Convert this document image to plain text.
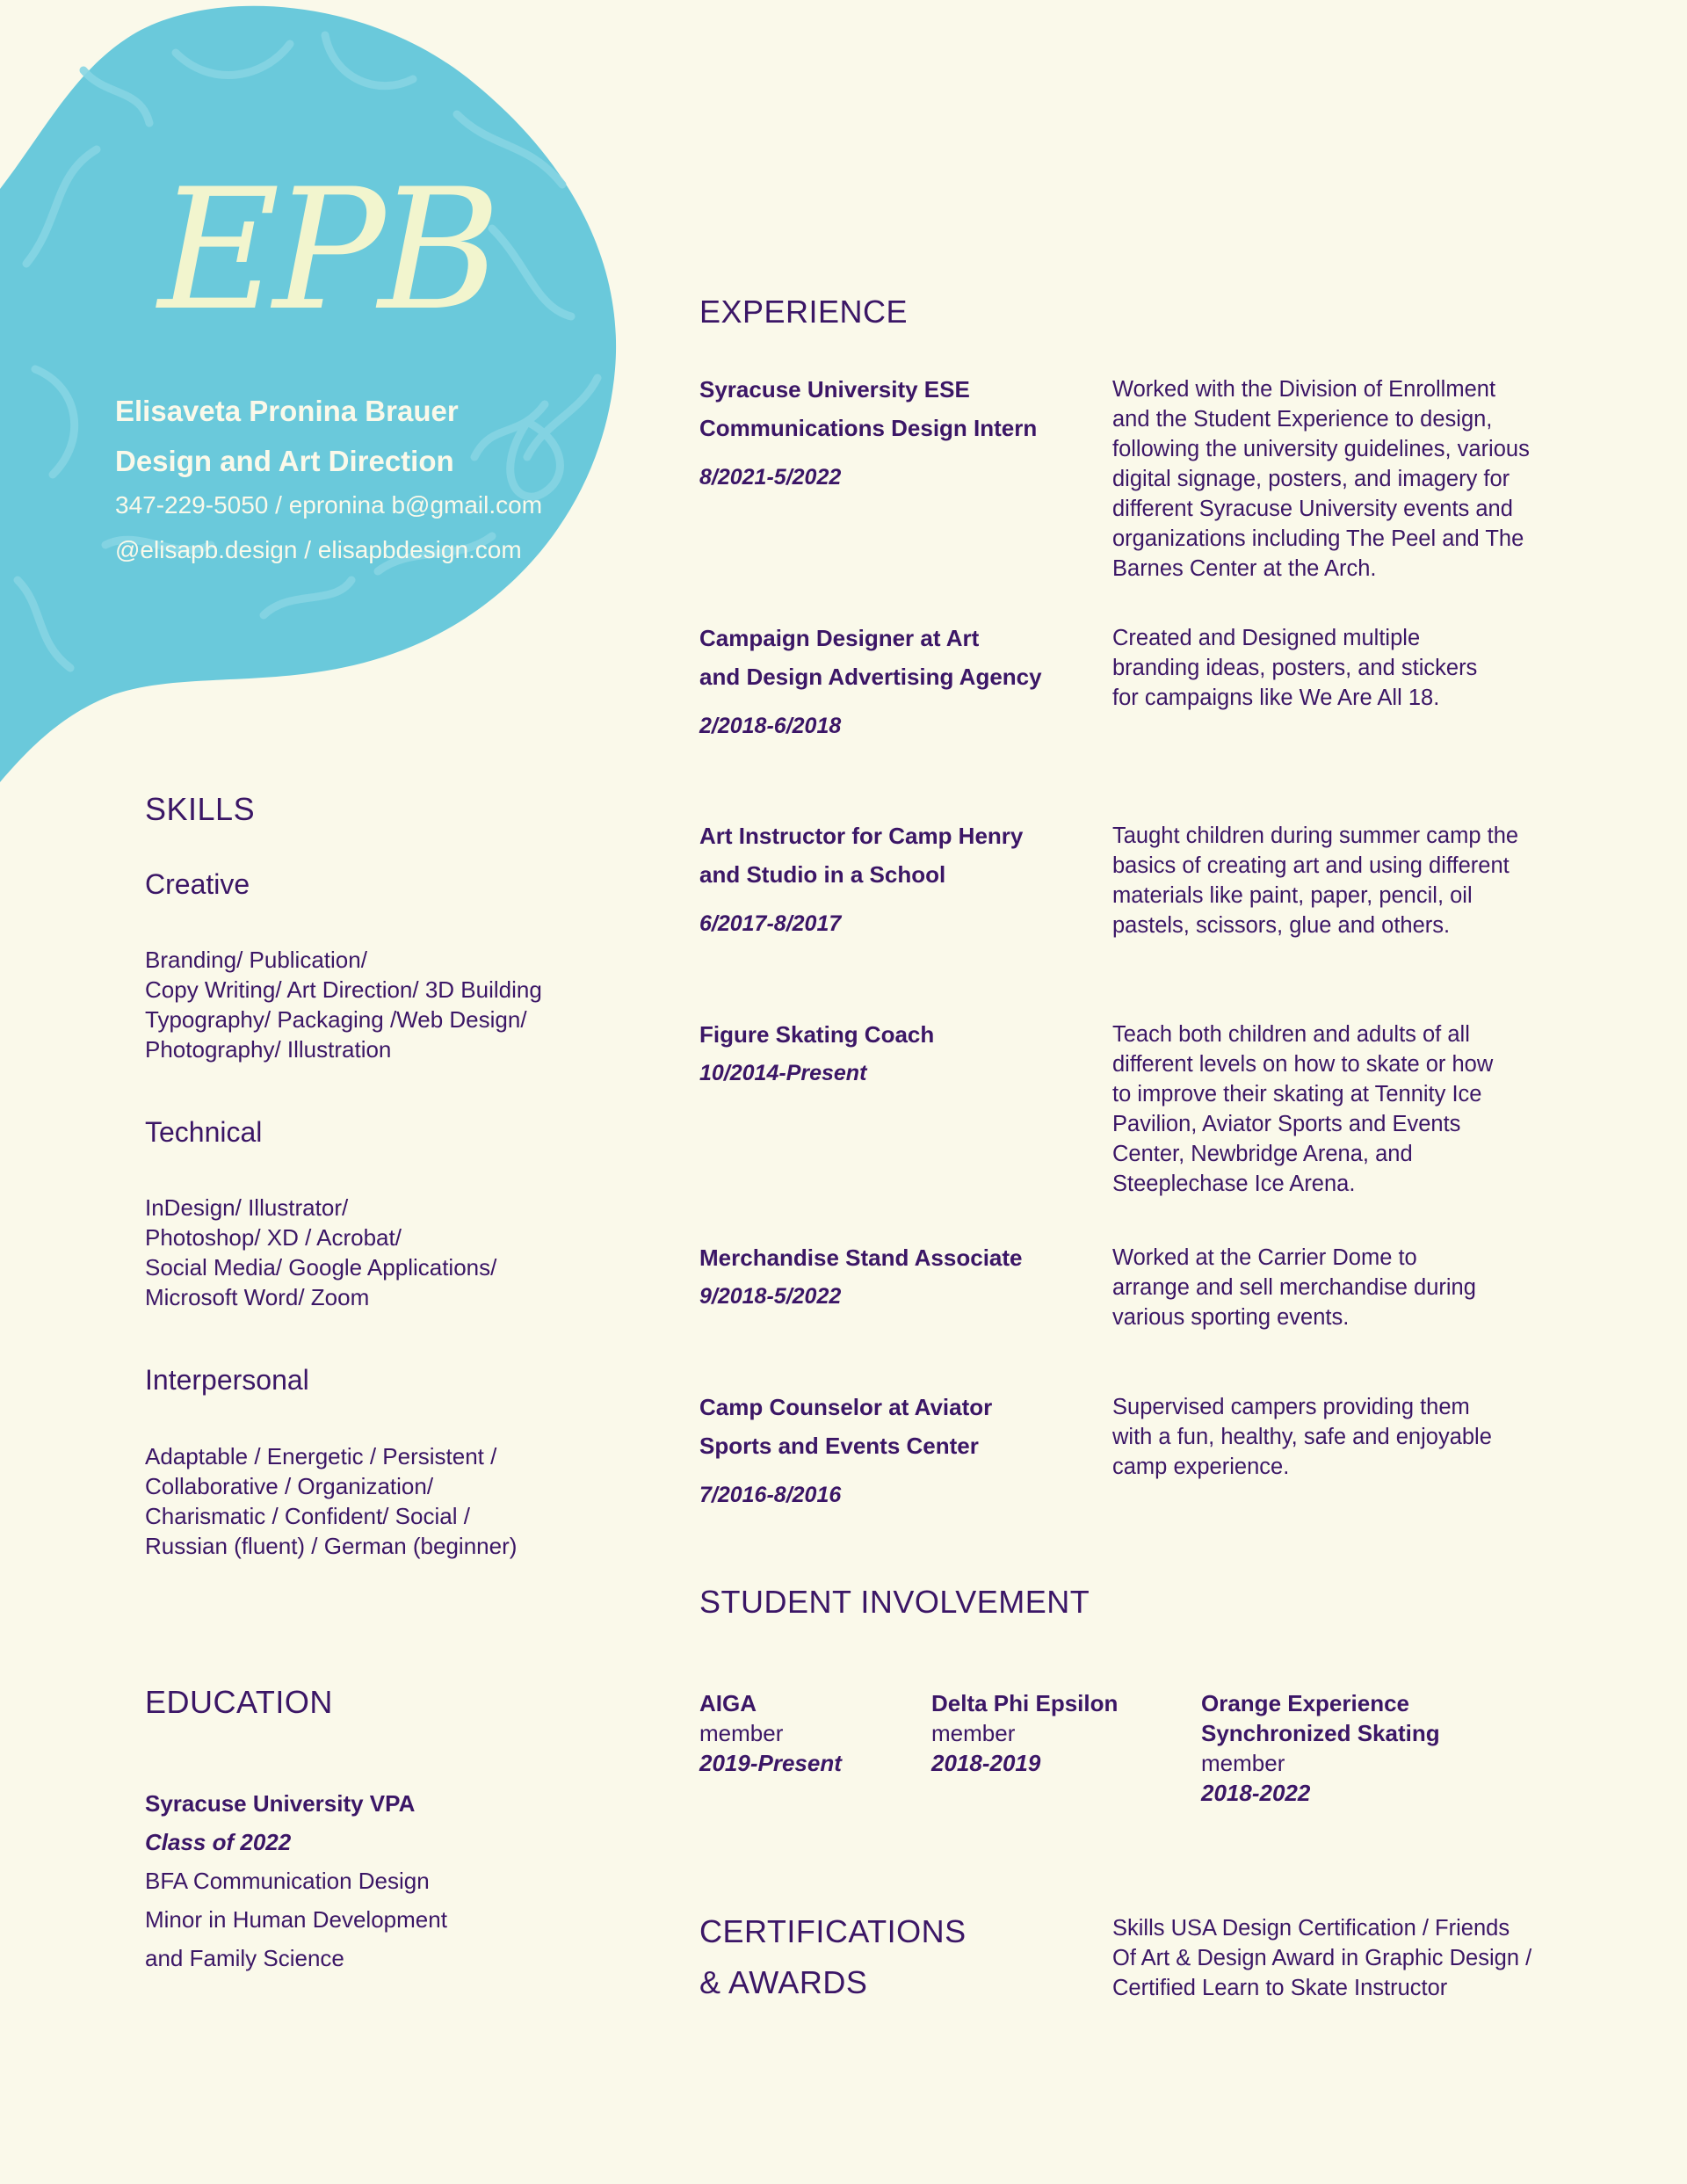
EPB
Elisaveta Pronina Brauer
Design and Art Direction
347-229-5050 / epronina b@gmail.com
@elisapb.design / elisapbdesign.com
SKILLS
Creative
Branding/ Publication/
Copy Writing/ Art Direction/ 3D Building
Typography/ Packaging /Web Design/
Photography/ Illustration
Technical
InDesign/ Illustrator/
Photoshop/ XD / Acrobat/
Social Media/ Google Applications/
Microsoft Word/ Zoom
Interpersonal
Adaptable / Energetic / Persistent /
Collaborative / Organization/
Charismatic / Confident/ Social /
Russian (fluent) / German (beginner)
EDUCATION
Syracuse University VPA
Class of 2022
BFA Communication Design
Minor in Human Development
and Family Science
EXPERIENCE
Syracuse University ESE
Communications Design Intern
8/2021-5/2022
Worked with the Division of Enrollment
and the Student Experience to design,
following the university guidelines, various
digital signage, posters, and imagery for
different Syracuse University events and
organizations including The Peel and The
Barnes Center at the Arch.
Campaign Designer at Art
and Design Advertising Agency
2/2018-6/2018
Created and Designed multiple
branding ideas, posters, and stickers
for campaigns like We Are All 18.
Art Instructor for Camp Henry
and Studio in a School
6/2017-8/2017
Taught children during summer camp the
basics of creating art and using different
materials like paint, paper, pencil, oil
pastels, scissors, glue and others.
Figure Skating Coach
10/2014-Present
Teach both children and adults of all
different levels on how to skate or how
to improve their skating at Tennity Ice
Pavilion, Aviator Sports and Events
Center, Newbridge Arena, and
Steeplechase Ice Arena.
Merchandise Stand Associate
9/2018-5/2022
Worked at the Carrier Dome to
arrange and sell merchandise during
various sporting events.
Camp Counselor at Aviator
Sports and Events Center
7/2016-8/2016
Supervised campers providing them
with a fun, healthy, safe and enjoyable
camp experience.
STUDENT INVOLVEMENT
AIGA
member
2019-Present
Delta Phi Epsilon
member
2018-2019
Orange Experience
Synchronized Skating
member
2018-2022
CERTIFICATIONS
& AWARDS
Skills USA Design Certification / Friends
Of Art & Design Award in Graphic Design /
Certified Learn to Skate Instructor
